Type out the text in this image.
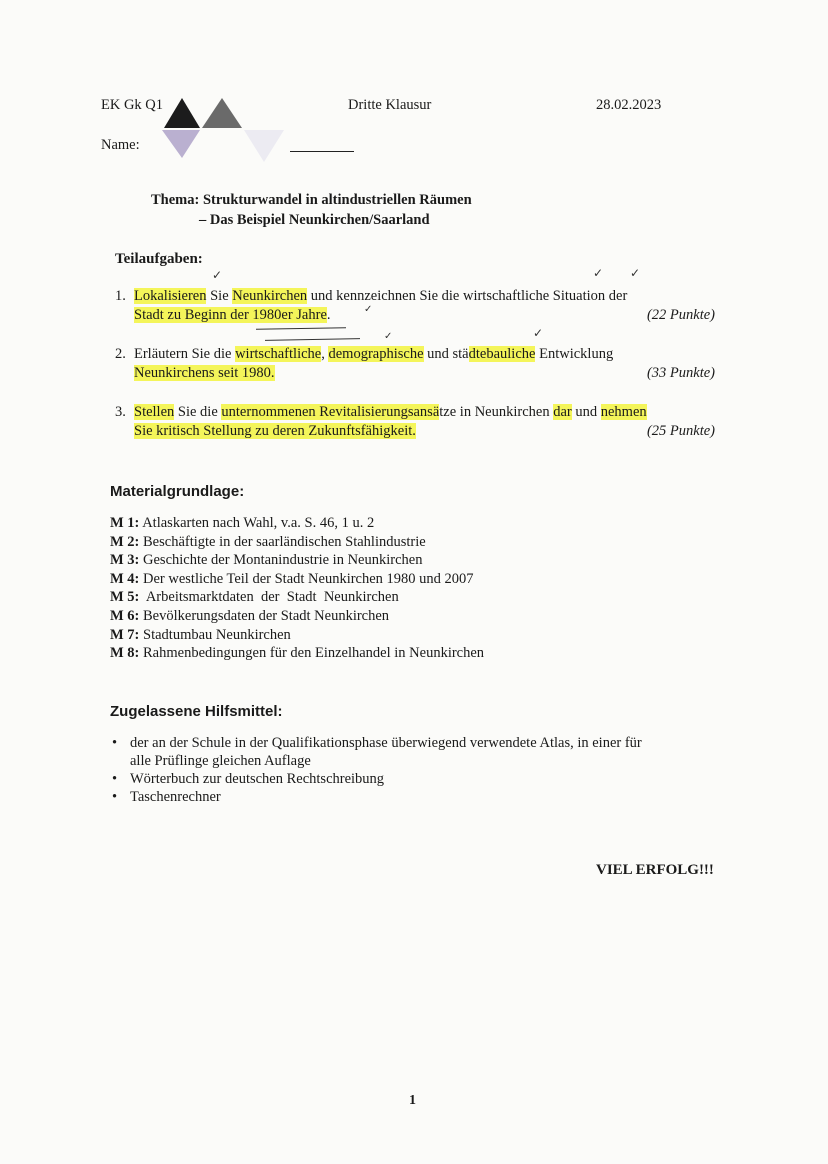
EK Gk Q1	Dritte Klausur	28.02.2023
Name:
Thema: Strukturwandel in altindustriellen Räumen
– Das Beispiel Neunkirchen/Saarland
Teilaufgaben:
✓	✓ ✓
✓
✓	✓
1. Lokalisieren Sie Neunkirchen und kennzeichnen Sie die wirtschaftliche Situation der
Stadt zu Beginn der 1980er Jahre.	(22 Punkte)
2. Erläutern Sie die wirtschaftliche, demographische und städtebauliche Entwicklung
Neunkirchens seit 1980.	(33 Punkte)
3. Stellen Sie die unternommenen Revitalisierungsansätze in Neunkirchen dar und nehmen
Sie kritisch Stellung zu deren Zukunftsfähigkeit.	(25 Punkte)
Materialgrundlage:
M 1: Atlaskarten nach Wahl, v.a. S. 46, 1 u. 2
M 2: Beschäftigte in der saarländischen Stahlindustrie
M 3: Geschichte der Montanindustrie in Neunkirchen
M 4: Der westliche Teil der Stadt Neunkirchen 1980 und 2007
M 5:  Arbeitsmarktdaten  der  Stadt  Neunkirchen
M 6: Bevölkerungsdaten der Stadt Neunkirchen
M 7: Stadtumbau Neunkirchen
M 8: Rahmenbedingungen für den Einzelhandel in Neunkirchen
Zugelassene Hilfsmittel:
• der an der Schule in der Qualifikationsphase überwiegend verwendete Atlas, in einer für
alle Prüflinge gleichen Auflage
• Wörterbuch zur deutschen Rechtschreibung
• Taschenrechner
VIEL ERFOLG!!!
1
